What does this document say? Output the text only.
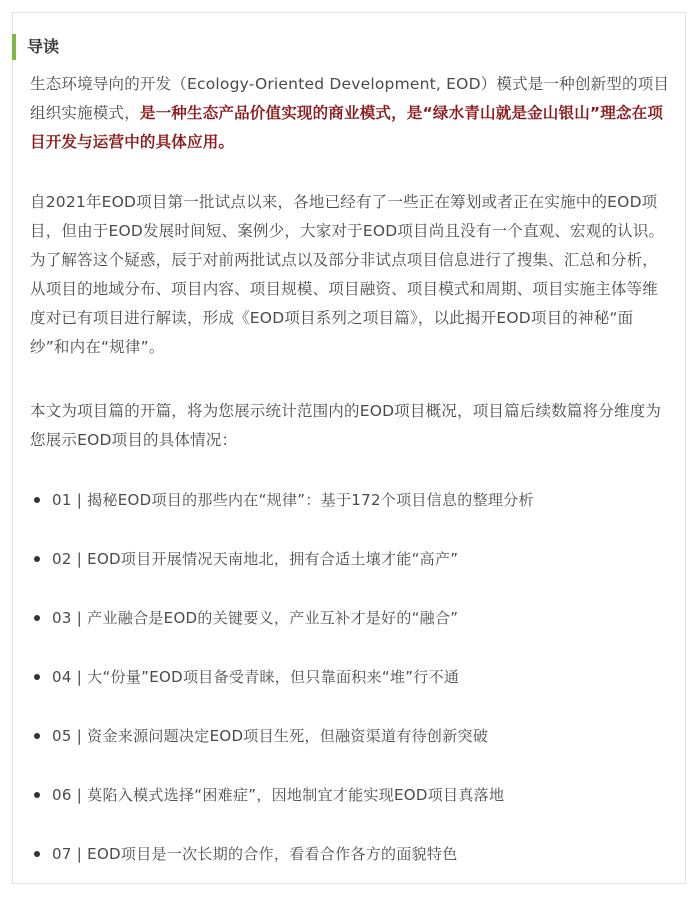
导读

生态环境导向的开发（Ecology-Oriented Development, EOD）模式是一种创新型的项目组织实施模式，是一种生态产品价值实现的商业模式，是“绿水青山就是金山银山”理念在项目开发与运营中的具体应用。

自2021年EOD项目第一批试点以来，各地已经有了一些正在筹划或者正在实施中的EOD项目，但由于EOD发展时间短、案例少，大家对于EOD项目尚且没有一个直观、宏观的认识。为了解答这个疑惑，辰于对前两批试点以及部分非试点项目信息进行了搜集、汇总和分析，从项目的地域分布、项目内容、项目规模、项目融资、项目模式和周期、项目实施主体等维度对已有项目进行解读，形成《EOD项目系列之项目篇》，以此揭开EOD项目的神秘“面纱”和内在“规律”。

本文为项目篇的开篇，将为您展示统计范围内的EOD项目概况，项目篇后续数篇将分维度为您展示EOD项目的具体情况：

01 | 揭秘EOD项目的那些内在“规律”：基于172个项目信息的整理分析
02 | EOD项目开展情况天南地北，拥有合适土壤才能“高产”
03 | 产业融合是EOD的关键要义，产业互补才是好的“融合”
04 | 大“份量”EOD项目备受青睐，但只靠面积来“堆”行不通
05 | 资金来源问题决定EOD项目生死，但融资渠道有待创新突破
06 | 莫陷入模式选择“困难症”，因地制宜才能实现EOD项目真落地
07 | EOD项目是一次长期的合作，看看合作各方的面貌特色
